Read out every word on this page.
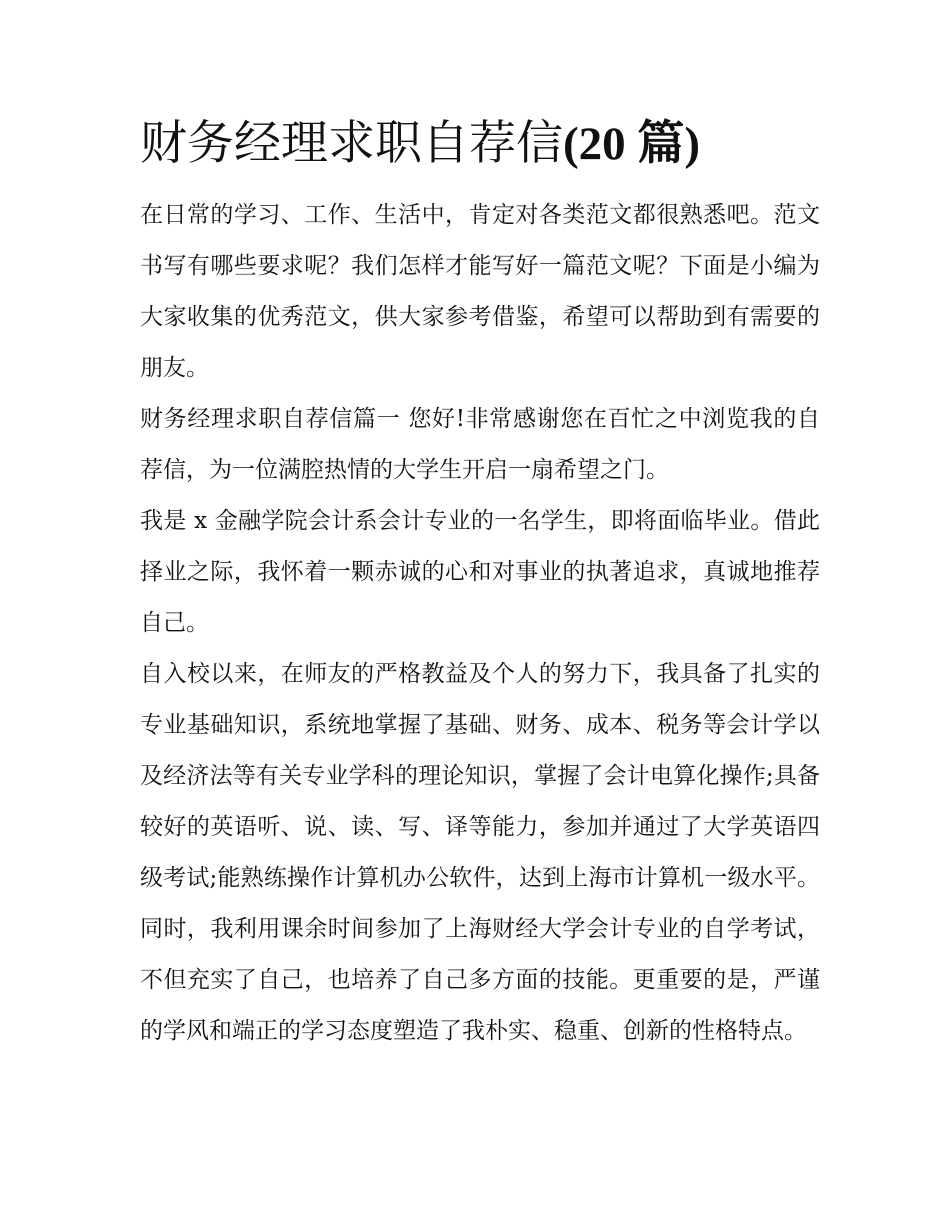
财务经理求职自荐信(20 篇)

在日常的学习、工作、生活中，肯定对各类范文都很熟悉吧。范文书写有哪些要求呢？我们怎样才能写好一篇范文呢？下面是小编为大家收集的优秀范文，供大家参考借鉴，希望可以帮助到有需要的朋友。

财务经理求职自荐信篇一 您好!非常感谢您在百忙之中浏览我的自荐信，为一位满腔热情的大学生开启一扇希望之门。

我是 x 金融学院会计系会计专业的一名学生，即将面临毕业。借此择业之际，我怀着一颗赤诚的心和对事业的执著追求，真诚地推荐自己。

自入校以来，在师友的严格教益及个人的努力下，我具备了扎实的专业基础知识，系统地掌握了基础、财务、成本、税务等会计学以及经济法等有关专业学科的理论知识，掌握了会计电算化操作;具备较好的英语听、说、读、写、译等能力，参加并通过了大学英语四级考试;能熟练操作计算机办公软件，达到上海市计算机一级水平。同时，我利用课余时间参加了上海财经大学会计专业的自学考试，不但充实了自己，也培养了自己多方面的技能。更重要的是，严谨的学风和端正的学习态度塑造了我朴实、稳重、创新的性格特点。
